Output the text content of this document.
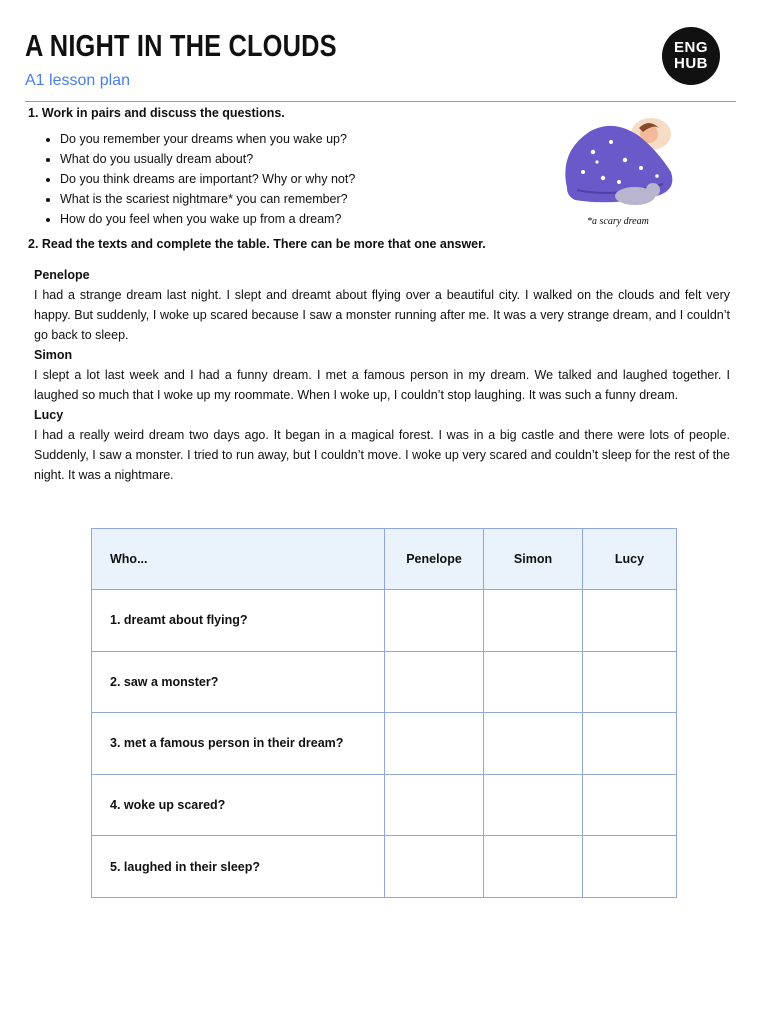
A NIGHT IN THE CLOUDS
A1 lesson plan
ENG
HUB
1. Work in pairs and discuss the questions.
• Do you remember your dreams when you wake up?
• What do you usually dream about?
• Do you think dreams are important? Why or why not?
• What is the scariest nightmare* you can remember?
• How do you feel when you wake up from a dream?	*a scary dream
2. Read the texts and complete the table. There can be more that one answer.

Penelope

I had a strange dream last night. I slept and dreamt about flying over a beautiful city. I walked on the clouds and felt very happy. But suddenly, I woke up scared because I saw a monster running after me. It was a very strange dream, and I couldn’t go back to sleep.

Simon

I slept a lot last week and I had a funny dream. I met a famous person in my dream. We talked and laughed together. I laughed so much that I woke up my roommate. When I woke up, I couldn’t stop laughing. It was such a funny dream.

Lucy

I had a really weird dream two days ago. It began in a magical forest. I was in a big castle and there were lots of people. Suddenly, I saw a monster. I tried to run away, but I couldn’t move. I woke up very scared and couldn’t sleep for the rest of the night. It was a nightmare.

Who...	Penelope	Simon	Lucy
1. dreamt about flying?			
2. saw a monster?			
3. met a famous person in their dream?			
4. woke up scared?			
5. laughed in their sleep?			
